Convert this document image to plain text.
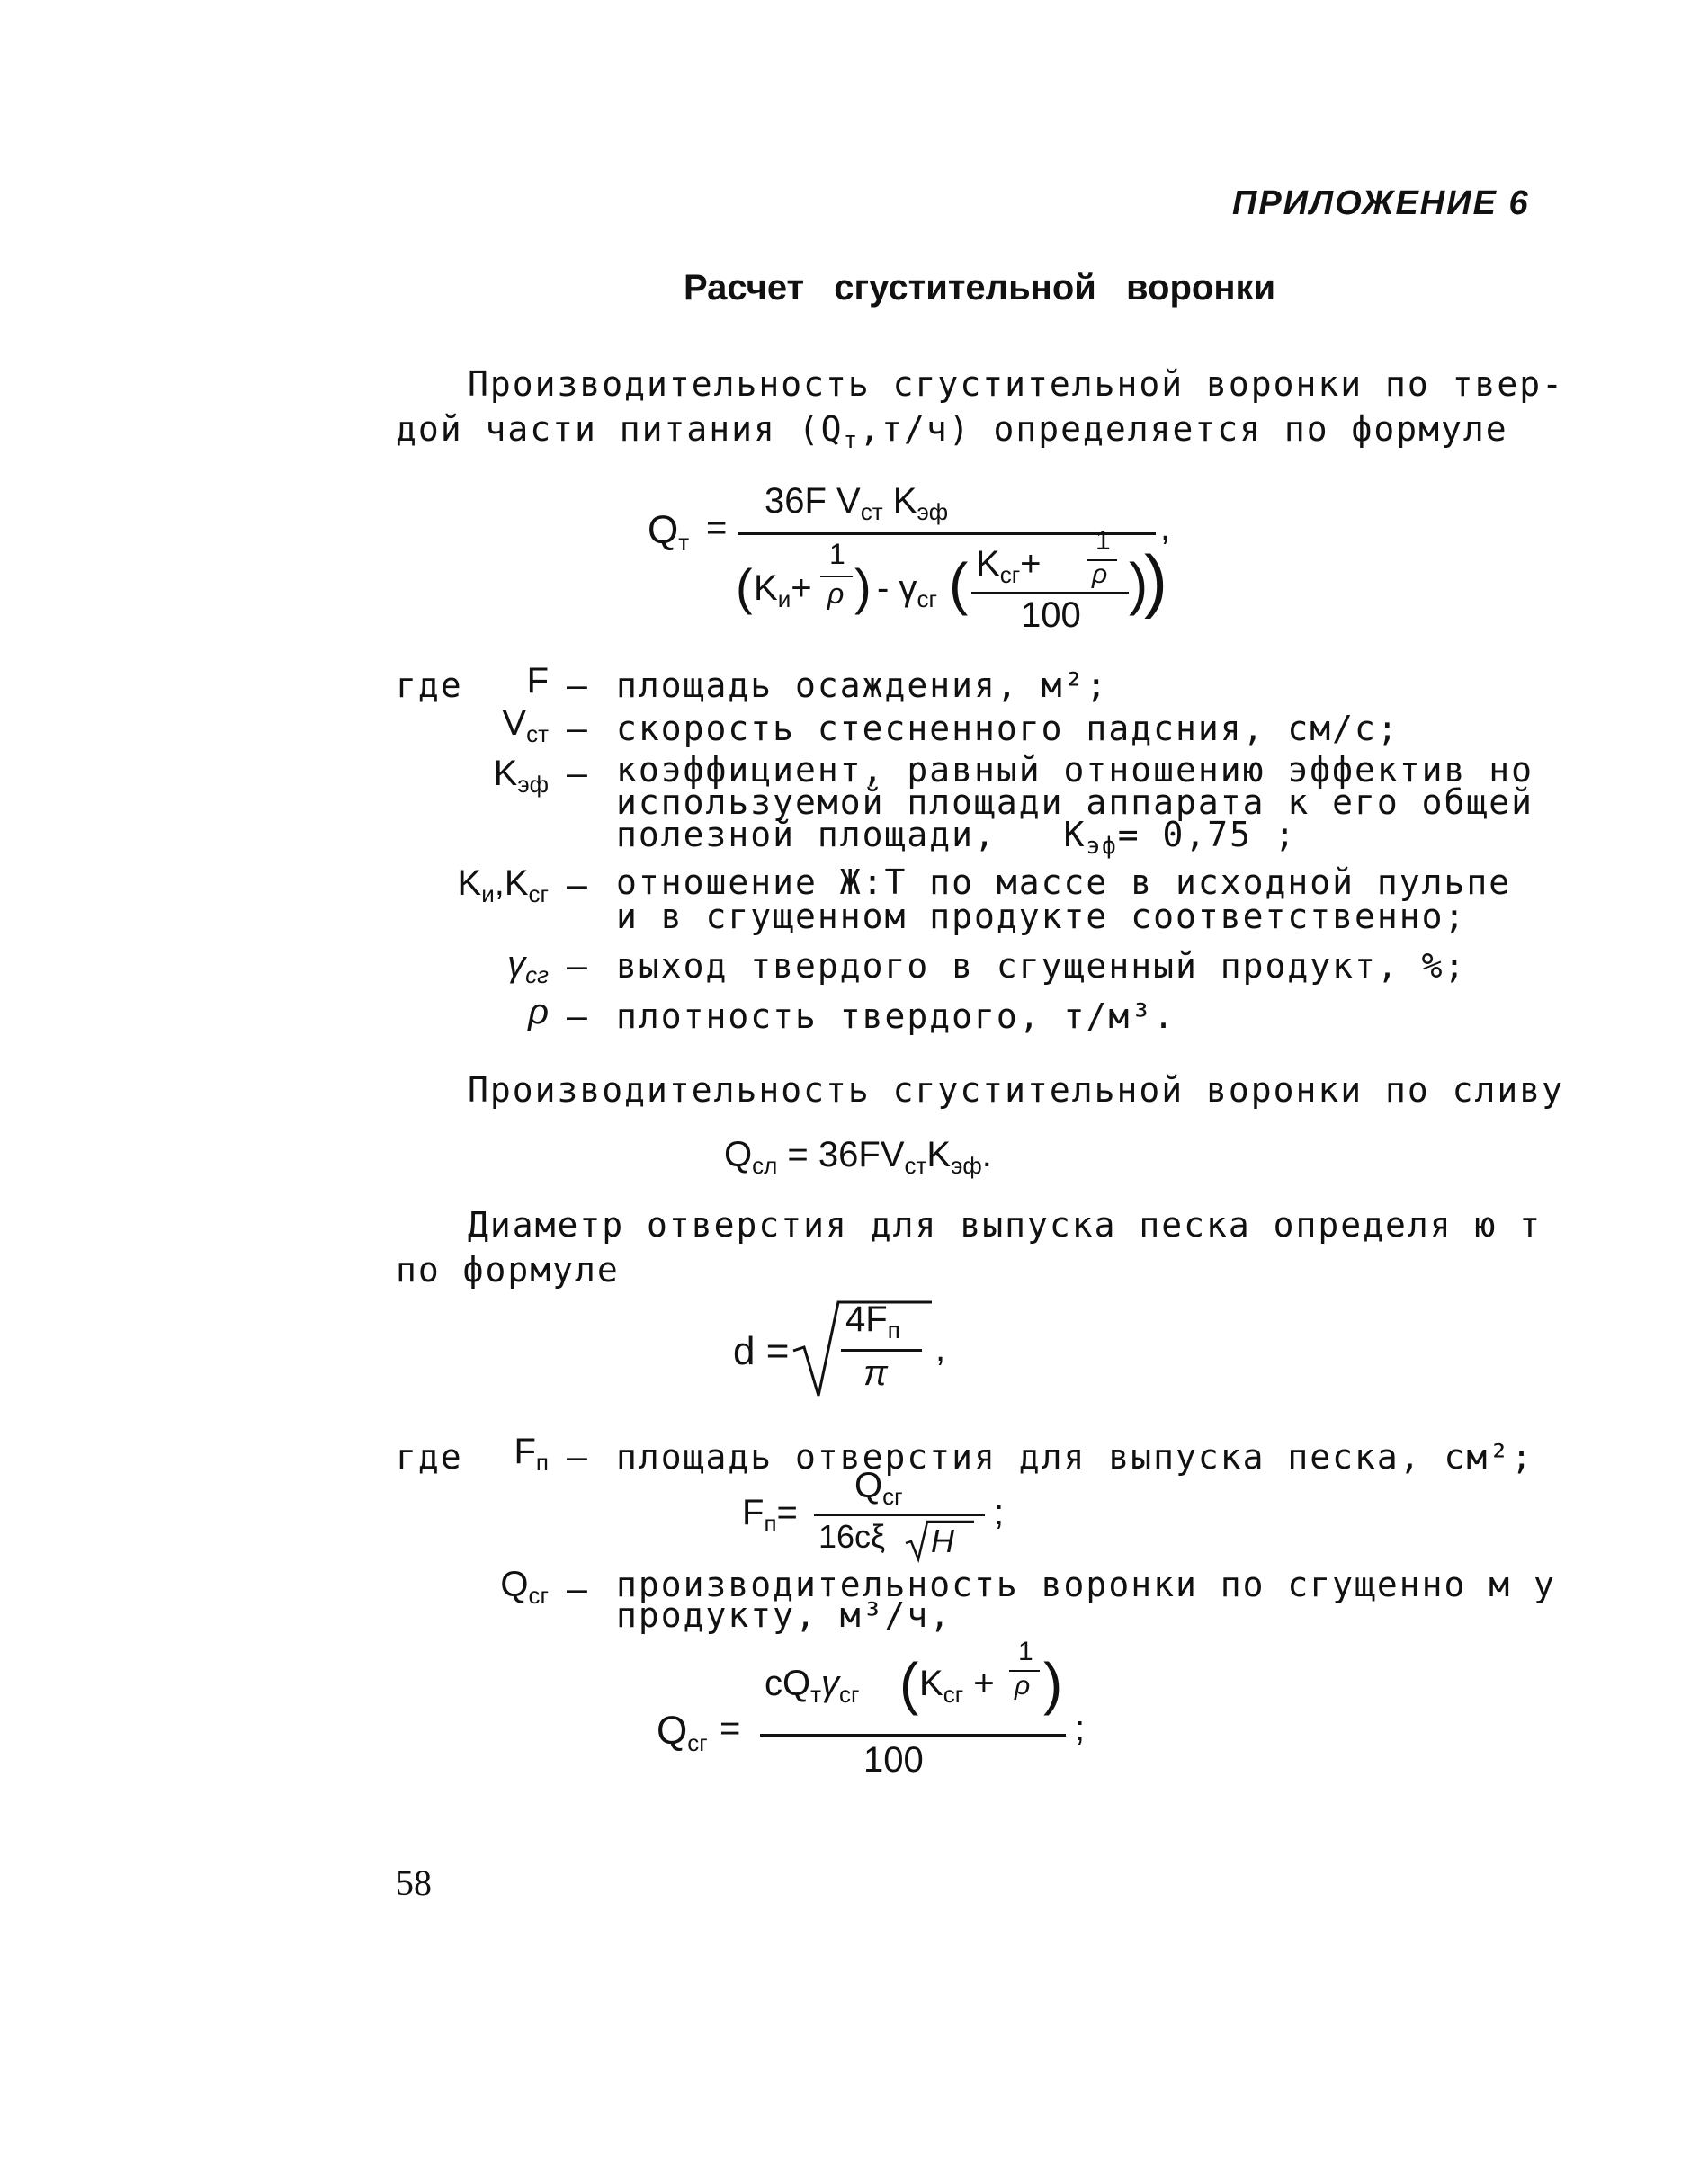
ПРИЛОЖЕНИЕ 6
Расчет сгустительной воронки
Производительность сгустительной воронки по твер-
дой части питания $(Q_т,т/ч)$ определяется по формуле
$Q_т$ =
36F $V_{ст}$ $K_{эф}$	,
( $K_и+$
1
ρ ) - $\gamma_{сг}$ ( $K_{сг}+$
1
ρ
100 )
)
где	F – площадь осаждения, м²;
$V_{ст}$ – скорость стесненного падсния, см/с;
$K_{эф}$ – коэффициент, равный отношению эффектив но
используемой площади аппарата к его общей
полезной площади,   $K_{эф}= 0,75$ ;
$K_и,K_{сг}$ – отношение Ж:Т по массе в исходной пульпе
и в сгущенном продукте соответственно;
$\gamma_{сг}$ – выход твердого в сгущенный продукт, %;
ρ – плотность твердого, т/м³.
Производительность сгустительной воронки по сливу
$Q_{сл} = 36FV_{ст}K_{эф}$.
Диаметр отверстия для выпуска песка определя ю т
по формуле
d =
$4F_п$
π
,
где	$F_п$ – площадь отверстия для выпуска песка, см²;
$F_п=$
$Q_{сг}$
16cξ H
;
$Q_{сг}$ – производительность воронки по сгущенно м у
продукту, м³/ч,
$Q_{сг}$ =
$cQ_т\gamma_{сг}$ ( $K_{сг}$ +
1
ρ )
100
;
58
